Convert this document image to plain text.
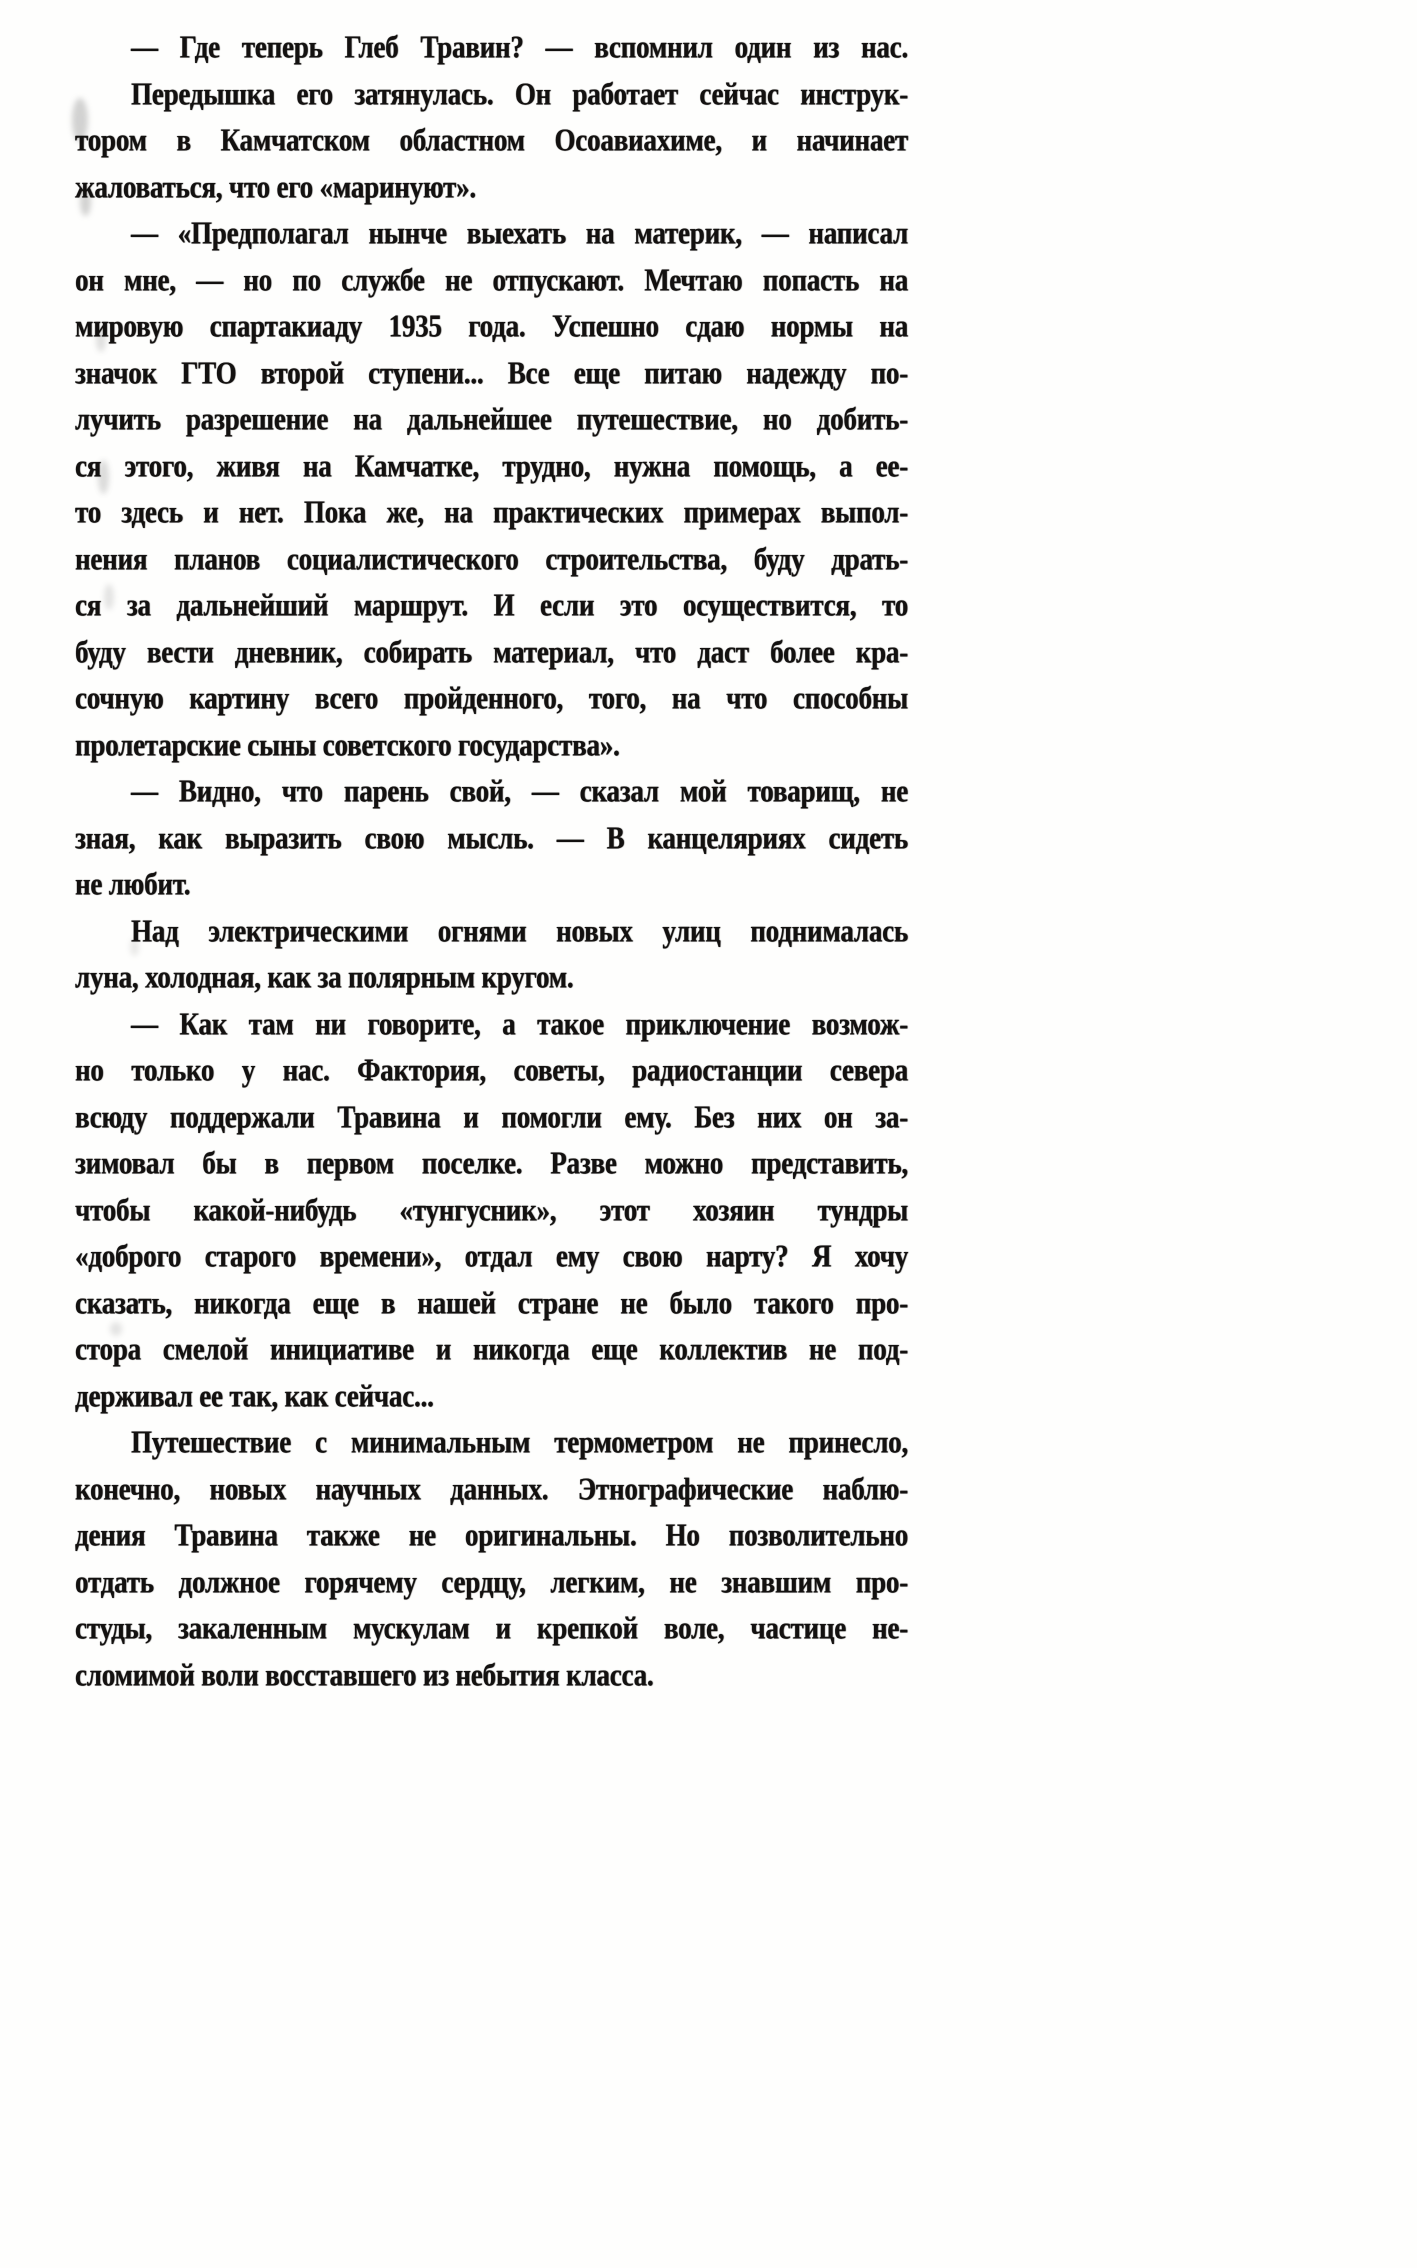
— Где теперь Глеб Травин? — вспомнил один из нас.
Передышка его затянулась. Он работает сейчас инструк-
тором в Камчатском областном Осоавиахиме, и начинает
жаловаться, что его «маринуют».
— «Предполагал нынче выехать на материк, — написал
он мне, — но по службе не отпускают. Мечтаю попасть на
мировую спартакиаду 1935 года. Успешно сдаю нормы на
значок ГТО второй ступени... Все еще питаю надежду по-
лучить разрешение на дальнейшее путешествие, но добить-
ся этого, живя на Камчатке, трудно, нужна помощь, а ее-
то здесь и нет. Пока же, на практических примерах выпол-
нения планов социалистического строительства, буду драть-
ся за дальнейший маршрут. И если это осуществится, то
буду вести дневник, собирать материал, что даст более кра-
сочную картину всего пройденного, того, на что способны
пролетарские сыны советского государства».
— Видно, что парень свой, — сказал мой товарищ, не
зная, как выразить свою мысль. — В канцеляриях сидеть
не любит.
Над электрическими огнями новых улиц поднималась
луна, холодная, как за полярным кругом.
— Как там ни говорите, а такое приключение возмож-
но только у нас. Фактория, советы, радиостанции севера
всюду поддержали Травина и помогли ему. Без них он за-
зимовал бы в первом поселке. Разве можно представить,
чтобы какой-нибудь «тунгусник», этот хозяин тундры
«доброго старого времени», отдал ему свою нарту? Я хочу
сказать, никогда еще в нашей стране не было такого про-
стора смелой инициативе и никогда еще коллектив не под-
держивал ее так, как сейчас...
Путешествие с минимальным термометром не принесло,
конечно, новых научных данных. Этнографические наблю-
дения Травина также не оригинальны. Но позволительно
отдать должное горячему сердцу, легким, не знавшим про-
студы, закаленным мускулам и крепкой воле, частице не-
сломимой воли восставшего из небытия класса.
